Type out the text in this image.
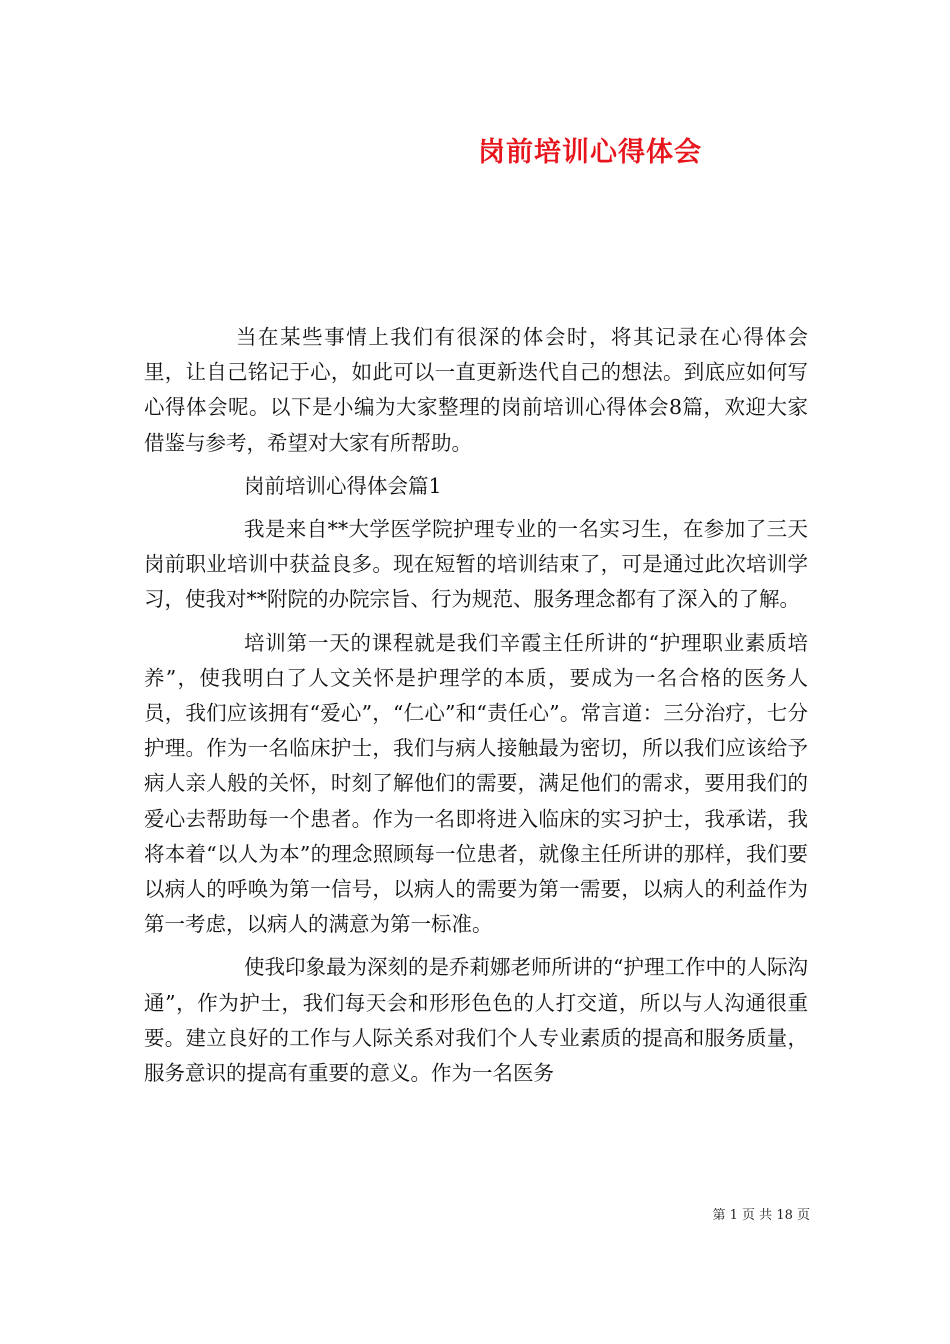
岗前培训心得体会

当在某些事情上我们有很深的体会时，将其记录在心得体会里，让自己铭记于心，如此可以一直更新迭代自己的想法。到底应如何写心得体会呢。以下是小编为大家整理的岗前培训心得体会8篇，欢迎大家借鉴与参考，希望对大家有所帮助。

岗前培训心得体会篇1

我是来自**大学医学院护理专业的一名实习生，在参加了三天岗前职业培训中获益良多。现在短暂的培训结束了，可是通过此次培训学习，使我对**附院的办院宗旨、行为规范、服务理念都有了深入的了解。

培训第一天的课程就是我们辛霞主任所讲的“护理职业素质培养”，使我明白了人文关怀是护理学的本质，要成为一名合格的医务人员，我们应该拥有“爱心”，“仁心”和“责任心”。常言道：三分治疗，七分护理。作为一名临床护士，我们与病人接触最为密切，所以我们应该给予病人亲人般的关怀，时刻了解他们的需要，满足他们的需求，要用我们的爱心去帮助每一个患者。作为一名即将进入临床的实习护士，我承诺，我将本着“以人为本”的理念照顾每一位患者，就像主任所讲的那样，我们要以病人的呼唤为第一信号，以病人的需要为第一需要，以病人的利益作为第一考虑，以病人的满意为第一标准。

使我印象最为深刻的是乔莉娜老师所讲的“护理工作中的人际沟通”，作为护士，我们每天会和形形色色的人打交道，所以与人沟通很重要。建立良好的工作与人际关系对我们个人专业素质的提高和服务质量，服务意识的提高有重要的意义。作为一名医务

第 1 页 共 18 页
